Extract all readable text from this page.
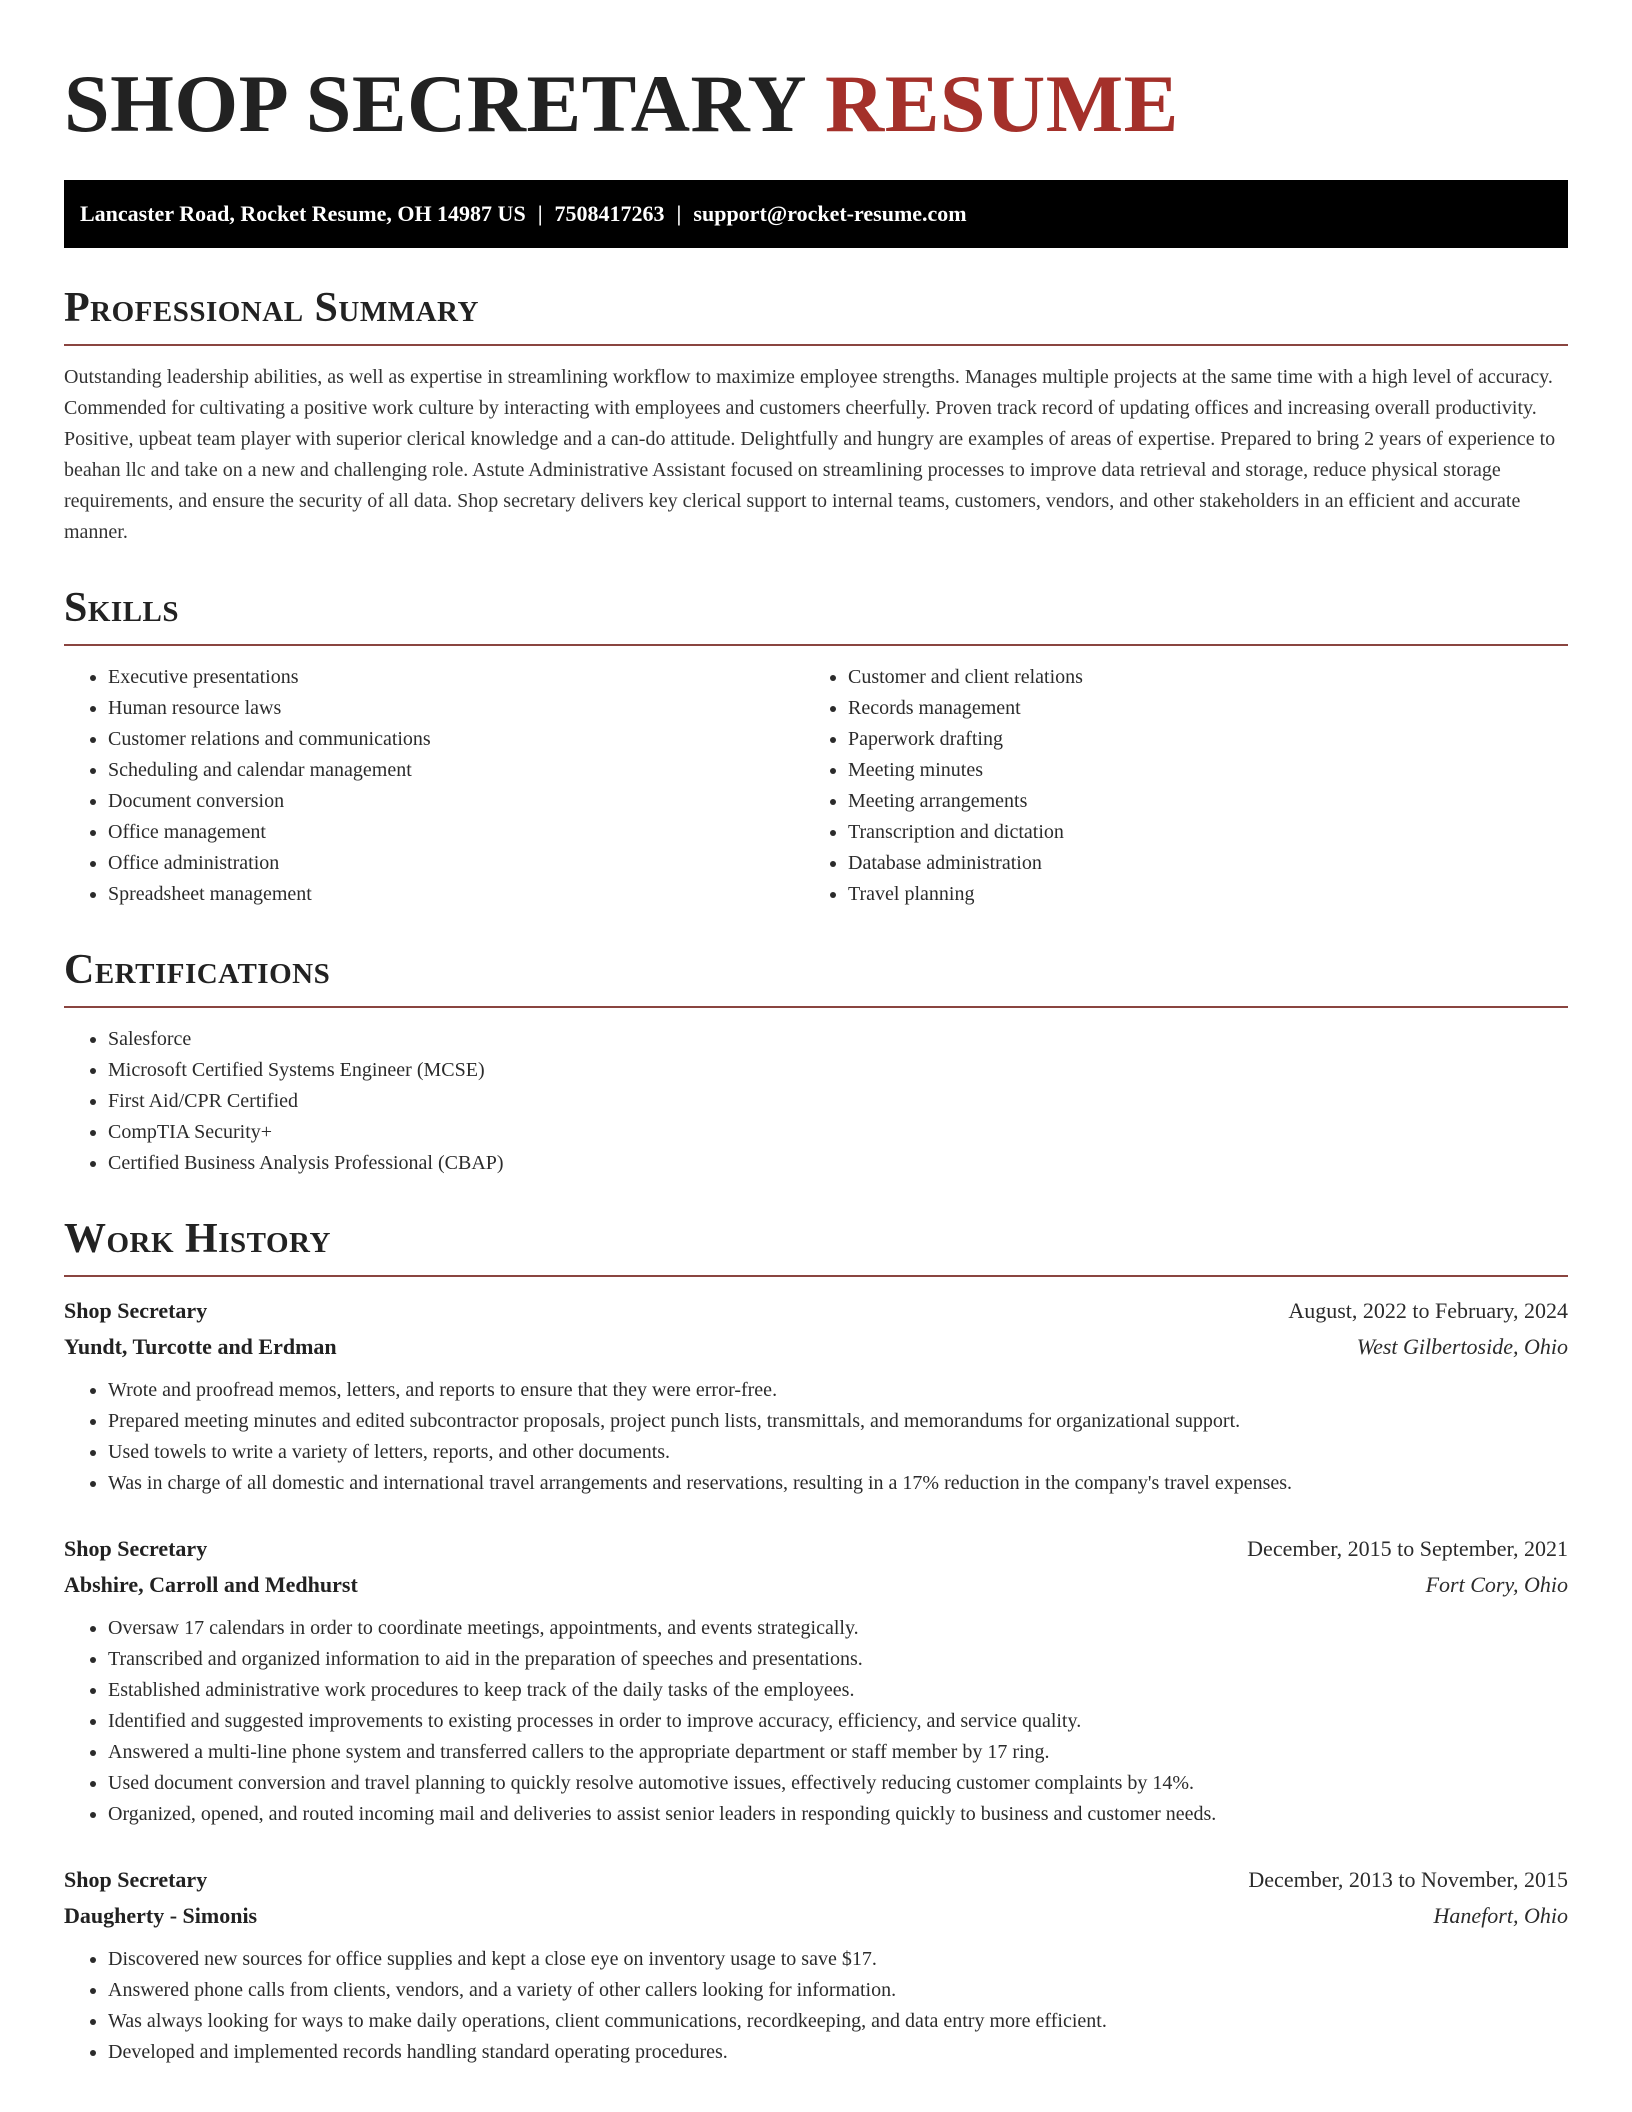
SHOP SECRETARY RESUME
Lancaster Road, Rocket Resume, OH 14987 US | 7508417263 | support@rocket-resume.com
Professional Summary

Outstanding leadership abilities, as well as expertise in streamlining workflow to maximize employee strengths. Manages multiple projects at the same time with a high level of accuracy. Commended for cultivating a positive work culture by interacting with employees and customers cheerfully. Proven track record of updating offices and increasing overall productivity. Positive, upbeat team player with superior clerical knowledge and a can-do attitude. Delightfully and hungry are examples of areas of expertise. Prepared to bring 2 years of experience to beahan llc and take on a new and challenging role. Astute Administrative Assistant focused on streamlining processes to improve data retrieval and storage, reduce physical storage requirements, and ensure the security of all data. Shop secretary delivers key clerical support to internal teams, customers, vendors, and other stakeholders in an efficient and accurate manner.

Skills
• Executive presentations
• Human resource laws
• Customer relations and communications
• Scheduling and calendar management
• Document conversion
• Office management
• Office administration
• Spreadsheet management
• Customer and client relations
• Records management
• Paperwork drafting
• Meeting minutes
• Meeting arrangements
• Transcription and dictation
• Database administration
• Travel planning
Certifications
• Salesforce
• Microsoft Certified Systems Engineer (MCSE)
• First Aid/CPR Certified
• CompTIA Security+
• Certified Business Analysis Professional (CBAP)
Work History
Shop Secretary	August, 2022 to February, 2024
Yundt, Turcotte and Erdman	West Gilbertoside, Ohio
• Wrote and proofread memos, letters, and reports to ensure that they were error-free.
• Prepared meeting minutes and edited subcontractor proposals, project punch lists, transmittals, and memorandums for organizational support.
• Used towels to write a variety of letters, reports, and other documents.
• Was in charge of all domestic and international travel arrangements and reservations, resulting in a 17% reduction in the company's travel expenses.
Shop Secretary	December, 2015 to September, 2021
Abshire, Carroll and Medhurst	Fort Cory, Ohio
• Oversaw 17 calendars in order to coordinate meetings, appointments, and events strategically.
• Transcribed and organized information to aid in the preparation of speeches and presentations.
• Established administrative work procedures to keep track of the daily tasks of the employees.
• Identified and suggested improvements to existing processes in order to improve accuracy, efficiency, and service quality.
• Answered a multi-line phone system and transferred callers to the appropriate department or staff member by 17 ring.
• Used document conversion and travel planning to quickly resolve automotive issues, effectively reducing customer complaints by 14%.
• Organized, opened, and routed incoming mail and deliveries to assist senior leaders in responding quickly to business and customer needs.
Shop Secretary	December, 2013 to November, 2015
Daugherty - Simonis	Hanefort, Ohio
• Discovered new sources for office supplies and kept a close eye on inventory usage to save $17.
• Answered phone calls from clients, vendors, and a variety of other callers looking for information.
• Was always looking for ways to make daily operations, client communications, recordkeeping, and data entry more efficient.
• Developed and implemented records handling standard operating procedures.
